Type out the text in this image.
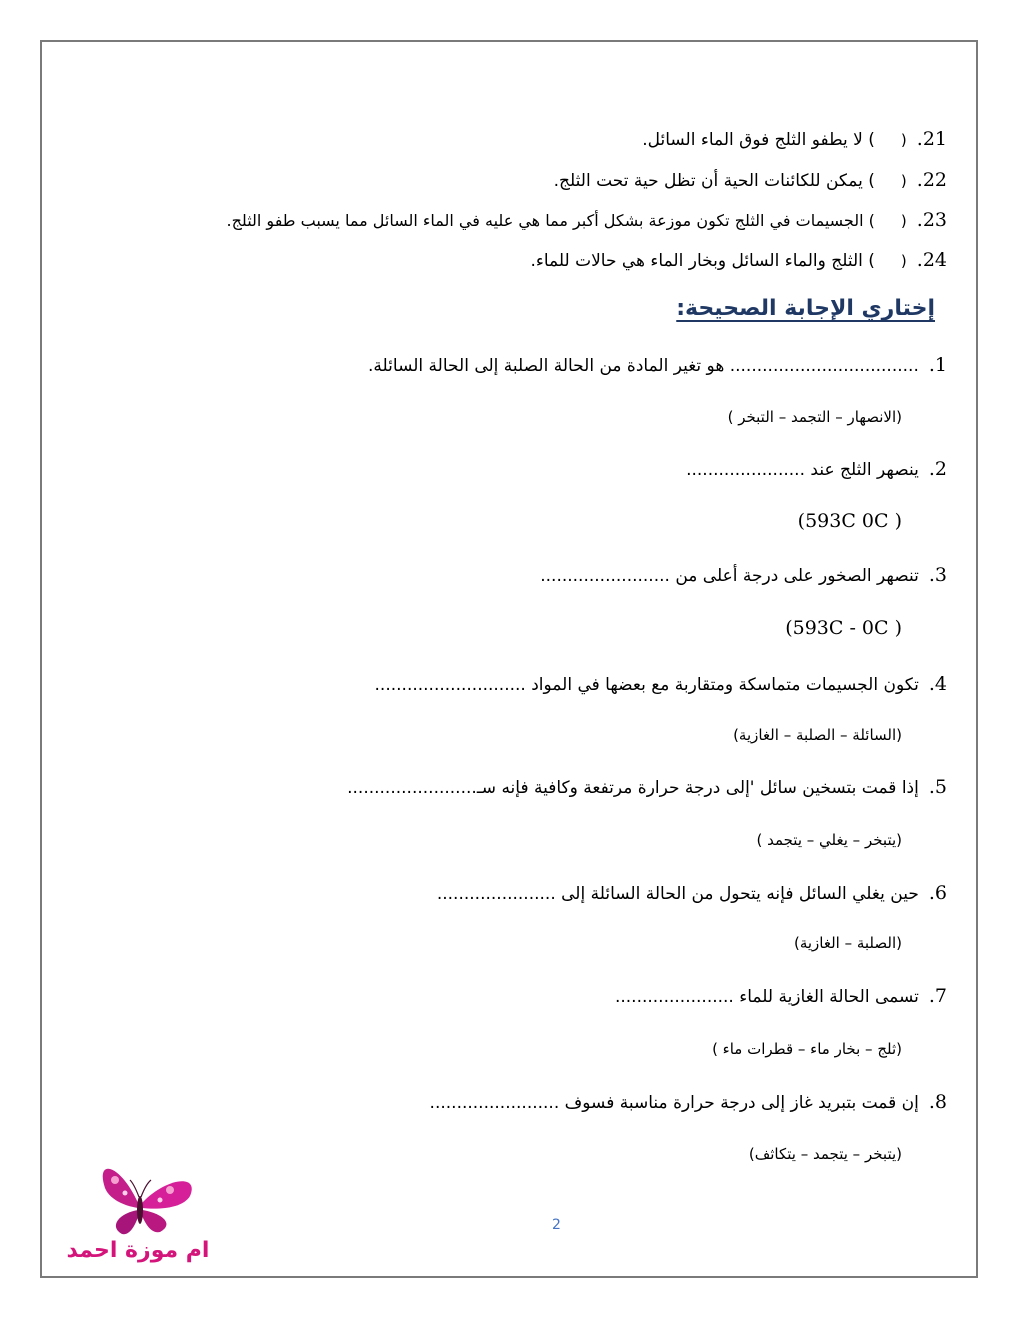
21.() لا يطفو الثلج فوق الماء السائل.
22.() يمكن للكائنات الحية أن تظل حية تحت الثلج.
23.() الجسيمات في الثلج تكون موزعة بشكل أكبر مما هي عليه في الماء السائل مما يسبب طفو الثلج.
24.() الثلج والماء السائل وبخار الماء هي حالات للماء.
إختاري الإجابة الصحيحة:
1.................................... هو تغير المادة من الحالة الصلبة إلى الحالة السائلة.
(الانصهار – التجمد – التبخر )
2.ينصهر الثلج عند ......................
(593C 0C )
3.تنصهر الصخور على درجة أعلى من ........................
(593C - 0C )
4.تكون الجسيمات متماسكة ومتقاربة مع بعضها في المواد ............................
(السائلة – الصلبة – الغازية)
5.إذا قمت بتسخين سائل 'إلى درجة حرارة مرتفعة وكافية فإنه سـ........................
(يتبخر – يغلي – يتجمد )
6.حين يغلي السائل فإنه يتحول من الحالة السائلة إلى ......................
(الصلبة – الغازية)
7.تسمى الحالة الغازية للماء ......................
(ثلج – بخار ماء – قطرات ماء )
8.إن قمت بتبريد غاز إلى درجة حرارة مناسبة فسوف ........................
(يتبخر – يتجمد – يتكاثف)
ام موزة احمد
2
